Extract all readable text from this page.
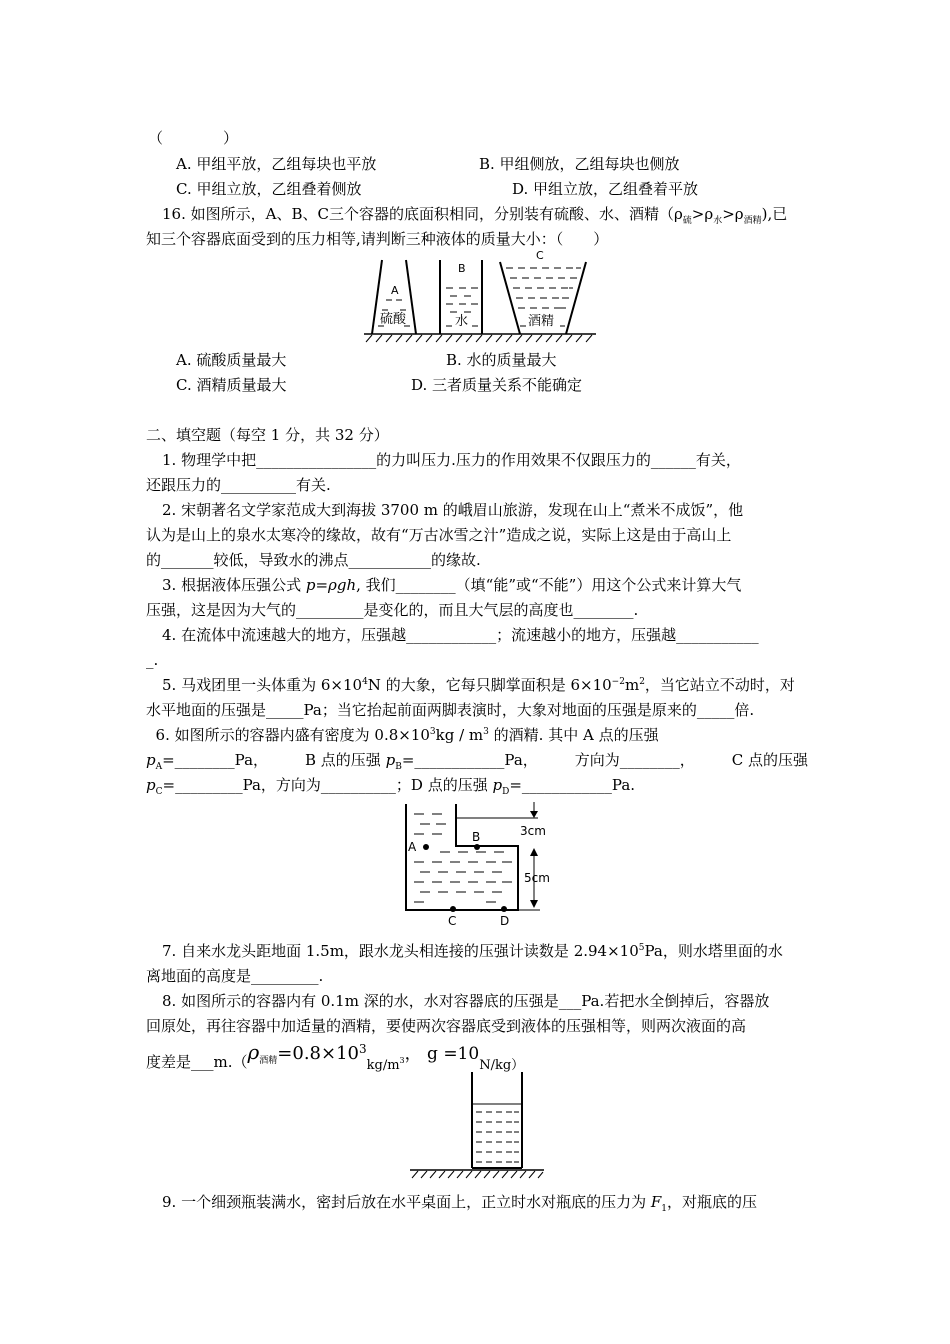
（　　　　）
A. 甲组平放，乙组每块也平放	B. 甲组侧放，乙组每块也侧放
C. 甲组立放，乙组叠着侧放	D. 甲组立放，乙组叠着平放
16. 如图所示，A、B、C三个容器的底面积相同，分别装有硫酸、水、酒精$(\rho_硫>\rho_水>\rho_{酒精})$,已
知三个容器底面受到的压力相等,请判断三种液体的质量大小：（　　）
A
硫酸
B
水
C
酒精
A. 硫酸质量最大	B. 水的质量最大
C. 酒精质量最大	D. 三者质量关系不能确定
二、填空题（每空 1 分，共 32 分）
1. 物理学中把________________的力叫压力.压力的作用效果不仅跟压力的______有关，
还跟压力的__________有关.
2. 宋朝著名文学家范成大到海拔 3700 m 的峨眉山旅游，发现在山上“煮米不成饭”，他
认为是山上的泉水太寒冷的缘故，故有“万古冰雪之汁”造成之说，实际上这是由于高山上
的_______较低，导致水的沸点___________的缘故.
3. 根据液体压强公式 p=ρgh, 我们________（填“能”或“不能”）用这个公式来计算大气
压强，这是因为大气的_________是变化的，而且大气层的高度也________.
4. 在流体中流速越大的地方，压强越____________；流速越小的地方，压强越___________
_.
5. 马戏团里一头体重为 $6\times 10^4N$ 的大象，它每只脚掌面积是 $6\times 10^{-2}m^2$，当它站立不动时，对
水平地面的压强是_____Pa；当它抬起前面两脚表演时，大象对地面的压强是原来的_____倍.
6. 如图所示的容器内盛有密度为 $0.8\times 10^3kg / m^3$ 的酒精. 其中 A 点的压强
$p_A=\_\_\_\_\_\_\_\_Pa$， B 点的压强 $p_B=\_\_\_\_\_\_\_\_\_\_\_\_Pa$， 方向为________， C 点的压强
$p_C=\_\_\_\_\_\_\_\_\_Pa$，方向为__________；D 点的压强 $p_D=\_\_\_\_\_\_\_\_\_\_\_\_Pa$.
A
B
C	D
3cm
5cm
7. 自来水龙头距地面 1.5m，跟水龙头相连接的压强计读数是 $2.94\times 10^5Pa$，则水塔里面的水
离地面的高度是_________.
8. 如图所示的容器内有 0.1m 深的水，水对容器底的压强是___Pa.若把水全倒掉后，容器放
回原处，再往容器中加适量的酒精，要使两次容器底受到液体的压强相等，则两次液面的高
度差是$\_\_\_m.(\rho_{酒精}=0.8\times 10^3kg/m^3$， g =10N/kg）
9. 一个细颈瓶装满水，密封后放在水平桌面上，正立时水对瓶底的压力为 $F_1$，对瓶底的压
